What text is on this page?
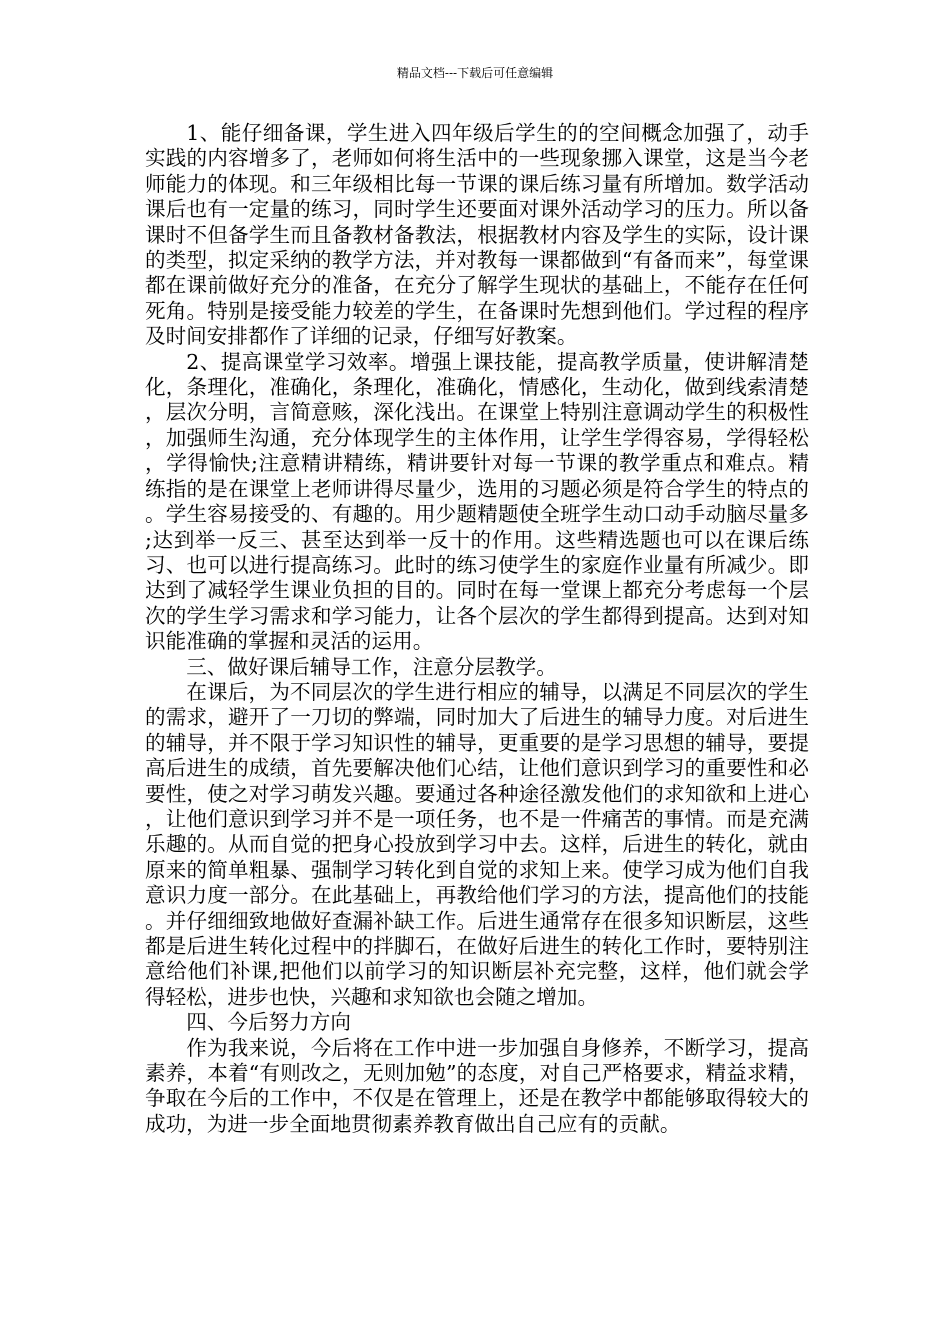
精品文档---下载后可任意编辑

1、能仔细备课，学生进入四年级后学生的的空间概念加强了，动手实践的内容增多了，老师如何将生活中的一些现象挪入课堂，这是当今老师能力的体现。和三年级相比每一节课的课后练习量有所增加。数学活动课后也有一定量的练习，同时学生还要面对课外活动学习的压力。所以备课时不但备学生而且备教材备教法，根据教材内容及学生的实际，设计课的类型，拟定采纳的教学方法，并对教每一课都做到“有备而来”，每堂课都在课前做好充分的准备，在充分了解学生现状的基础上，不能存在任何死角。特别是接受能力较差的学生，在备课时先想到他们。学过程的程序及时间安排都作了详细的记录，仔细写好教案。

2、提高课堂学习效率。增强上课技能，提高教学质量，使讲解清楚化，条理化，准确化，条理化，准确化，情感化，生动化，做到线索清楚，层次分明，言简意赅，深化浅出。在课堂上特别注意调动学生的积极性，加强师生沟通，充分体现学生的主体作用，让学生学得容易，学得轻松，学得愉快;注意精讲精练，精讲要针对每一节课的教学重点和难点。精练指的是在课堂上老师讲得尽量少，选用的习题必须是符合学生的特点的。学生容易接受的、有趣的。用少题精题使全班学生动口动手动脑尽量多;达到举一反三、甚至达到举一反十的作用。这些精选题也可以在课后练习、也可以进行提高练习。此时的练习使学生的家庭作业量有所减少。即达到了减轻学生课业负担的目的。同时在每一堂课上都充分考虑每一个层次的学生学习需求和学习能力，让各个层次的学生都得到提高。达到对知识能准确的掌握和灵活的运用。

三、做好课后辅导工作，注意分层教学。

在课后，为不同层次的学生进行相应的辅导，以满足不同层次的学生的需求，避开了一刀切的弊端，同时加大了后进生的辅导力度。对后进生的辅导，并不限于学习知识性的辅导，更重要的是学习思想的辅导，要提高后进生的成绩，首先要解决他们心结，让他们意识到学习的重要性和必要性，使之对学习萌发兴趣。要通过各种途径激发他们的求知欲和上进心，让他们意识到学习并不是一项任务，也不是一件痛苦的事情。而是充满乐趣的。从而自觉的把身心投放到学习中去。这样，后进生的转化，就由原来的简单粗暴、强制学习转化到自觉的求知上来。使学习成为他们自我意识力度一部分。在此基础上，再教给他们学习的方法，提高他们的技能。并仔细细致地做好查漏补缺工作。后进生通常存在很多知识断层，这些都是后进生转化过程中的拌脚石，在做好后进生的转化工作时，要特别注意给他们补课,把他们以前学习的知识断层补充完整，这样，他们就会学得轻松，进步也快，兴趣和求知欲也会随之增加。

四、今后努力方向

作为我来说，今后将在工作中进一步加强自身修养，不断学习，提高素养，本着“有则改之，无则加勉”的态度，对自己严格要求，精益求精，争取在今后的工作中，不仅是在管理上，还是在教学中都能够取得较大的成功，为进一步全面地贯彻素养教育做出自己应有的贡献。
